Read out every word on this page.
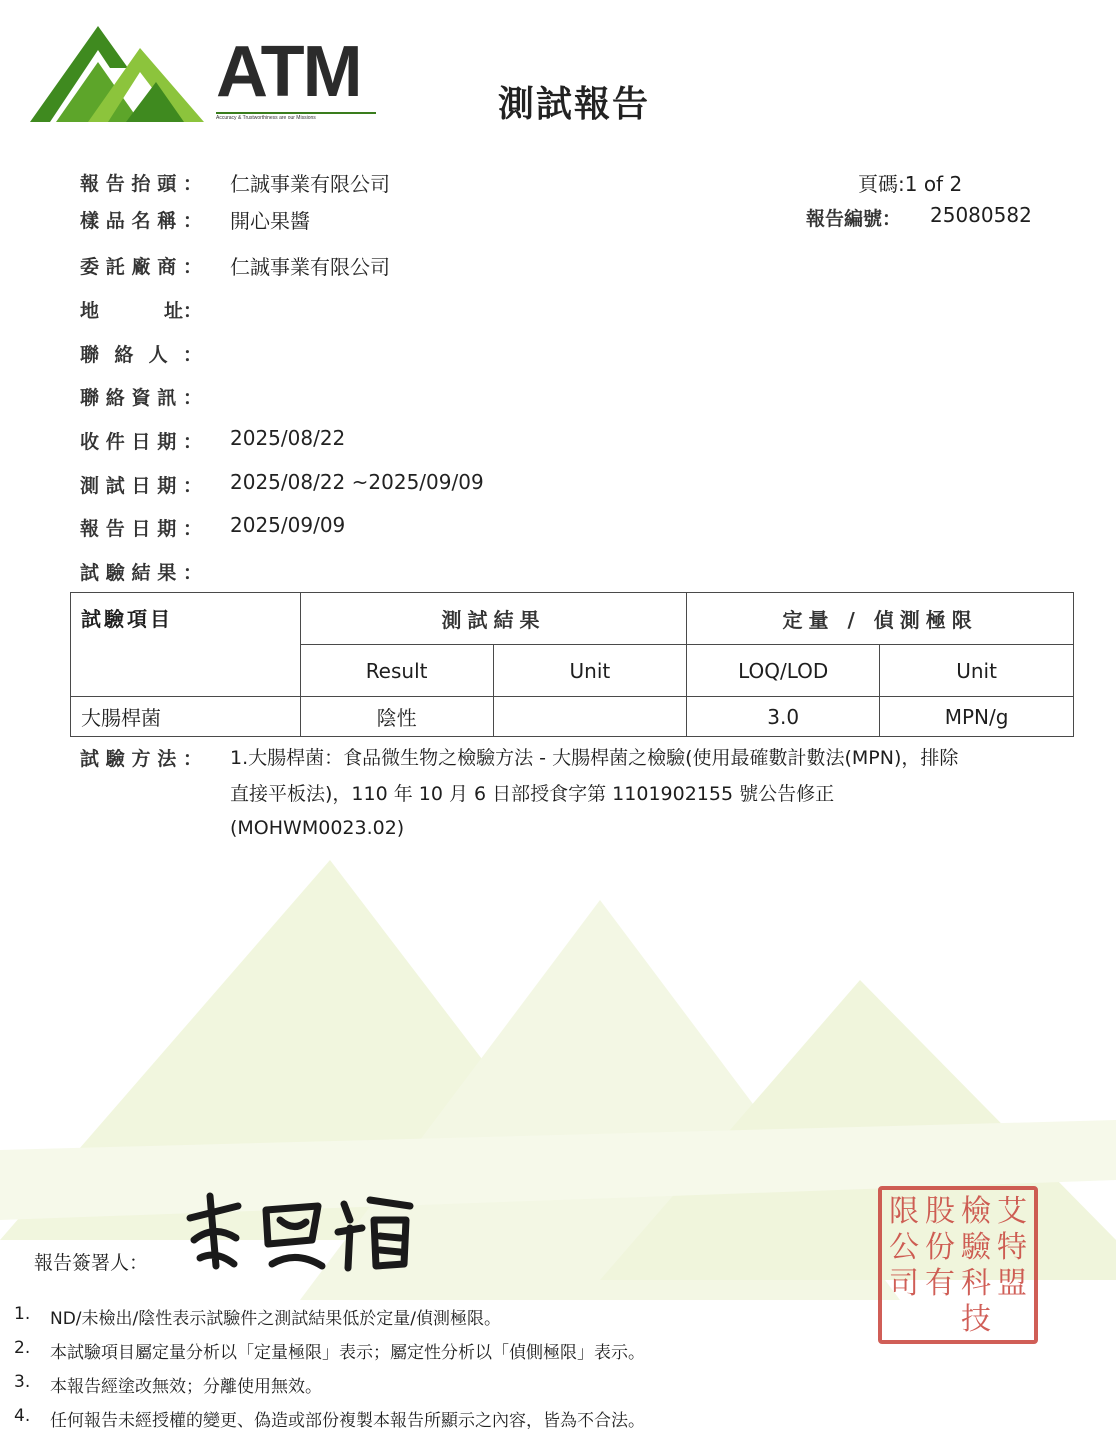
ATM
Accuracy & Trustworthiness are our Missions	測試報告
報 告 抬 頭 ： 仁誠事業有限公司
樣 品 名 稱 ： 開心果醬
委 託 廠 商 ： 仁誠事業有限公司
地	址 ：
聯 絡 人 ：
聯 絡 資 訊 ：
收 件 日 期 ： 2025/08/22
測 試 日 期 ： 2025/08/22 ~2025/09/09
報 告 日 期 ： 2025/09/09
試 驗 結 果 ：
頁碼:1 of 2
報告編號： 25080582
試驗項目	測試結果		定量 / 偵測極限	
	Result	Unit	LOQ/LOD	Unit
大腸桿菌	陰性		3.0	MPN/g
試 驗 方 法 ： 1.大腸桿菌：食品微生物之檢驗方法 - 大腸桿菌之檢驗(使用最確數計數法(MPN)，排除
直接平板法)，110 年 10 月 6 日部授食字第 1101902155 號公告修正
(MOHWM0023.02)
報告簽署人：
艾
特
盟
檢
驗
科
技
股
份
有
限
公
司
1.	ND/未檢出/陰性表示試驗件之測試結果低於定量/偵測極限。
2.	本試驗項目屬定量分析以「定量極限」表示；屬定性分析以「偵側極限」表示。
3.	本報告經塗改無效；分離使用無效。
4.	任何報告未經授權的變更、偽造或部份複製本報告所顯示之內容，皆為不合法。
